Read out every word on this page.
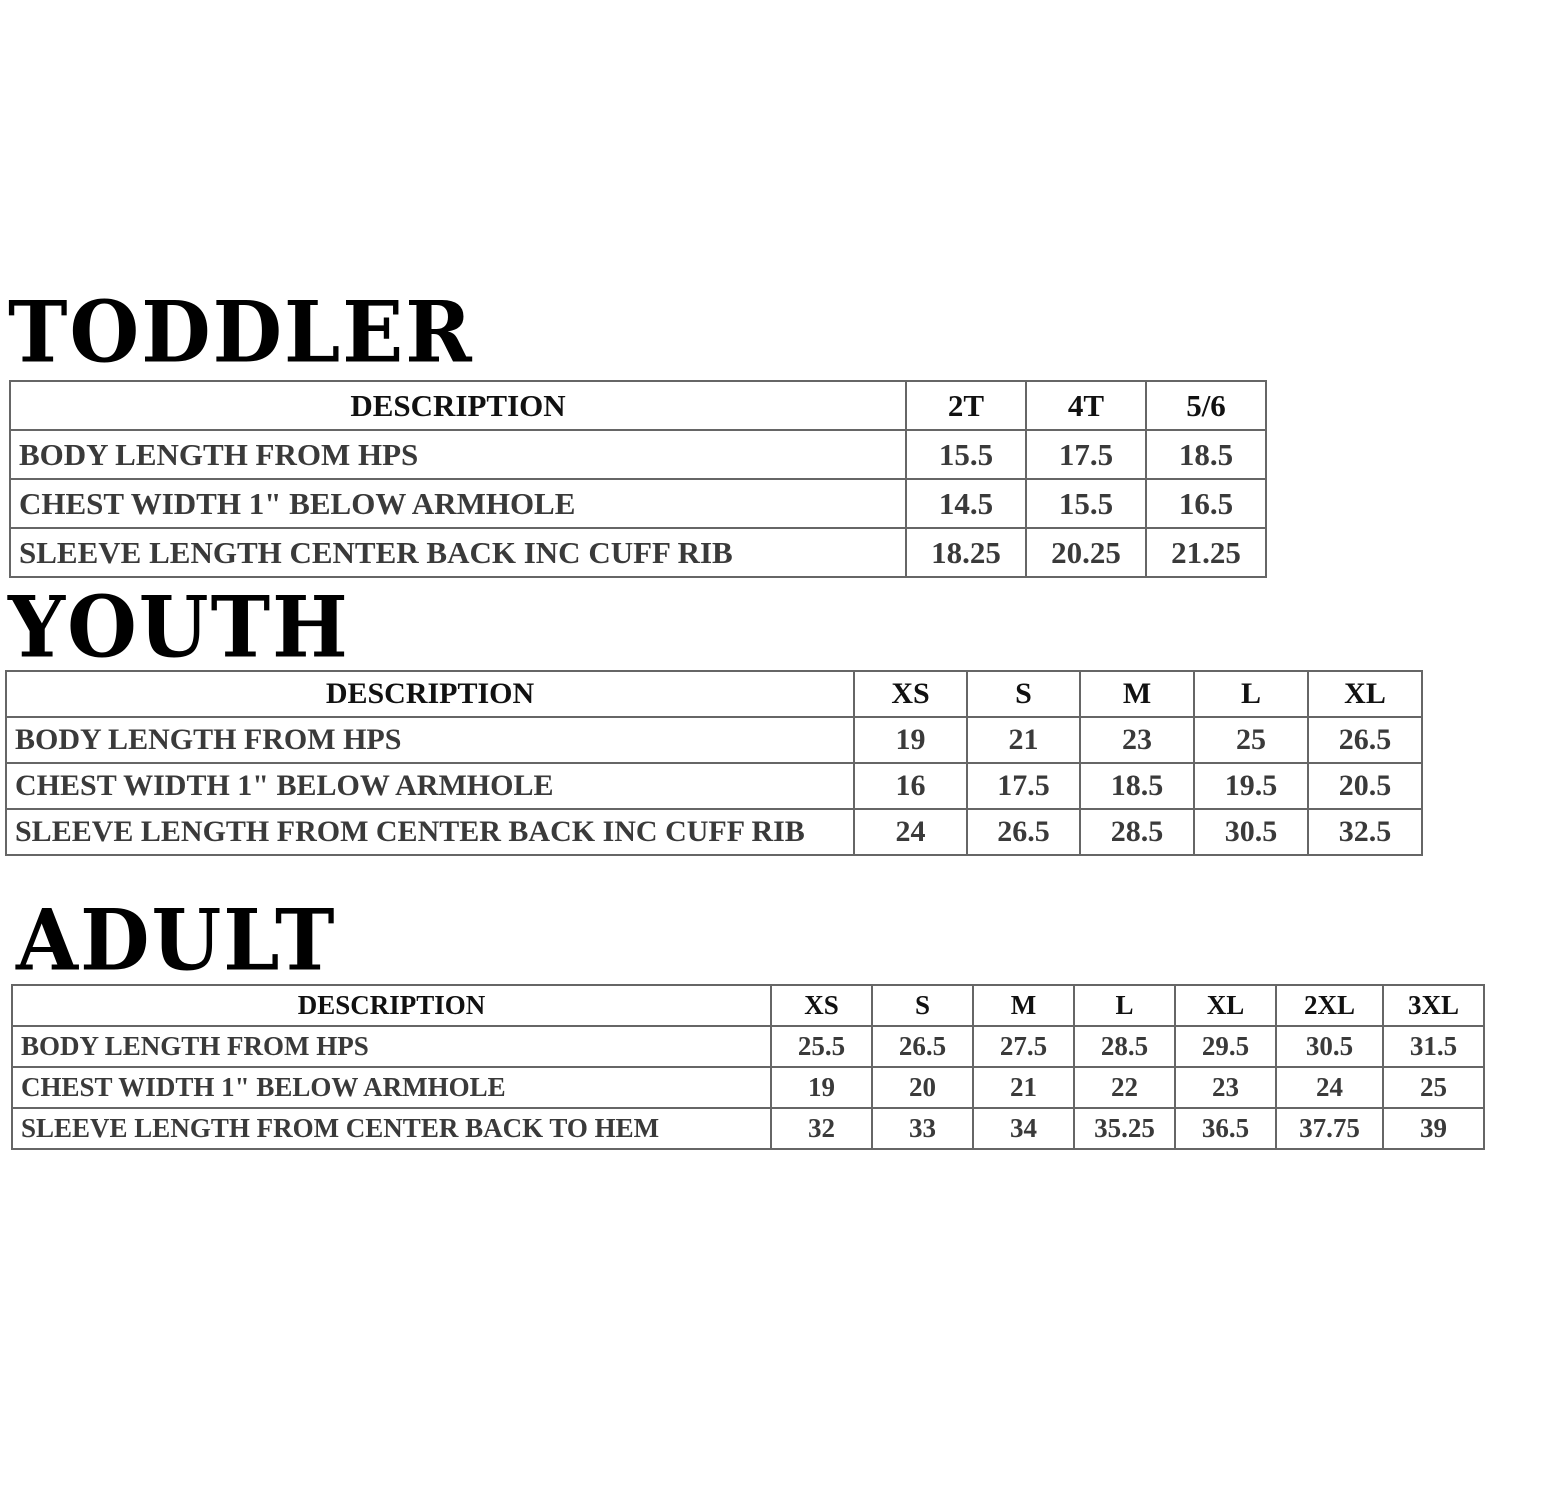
TODDLER
DESCRIPTION	2T	4T	5/6
BODY LENGTH FROM HPS	15.5	17.5	18.5
CHEST WIDTH 1" BELOW ARMHOLE	14.5	15.5	16.5
SLEEVE LENGTH CENTER BACK INC CUFF RIB	18.25	20.25	21.25
YOUTH
DESCRIPTION	XS	S	M	L	XL
BODY LENGTH FROM HPS	19	21	23	25	26.5
CHEST WIDTH 1" BELOW ARMHOLE	16	17.5	18.5	19.5	20.5
SLEEVE LENGTH FROM CENTER BACK INC CUFF RIB	24	26.5	28.5	30.5	32.5
ADULT
DESCRIPTION	XS	S	M	L	XL	2XL	3XL
BODY LENGTH FROM HPS	25.5	26.5	27.5	28.5	29.5	30.5	31.5
CHEST WIDTH 1" BELOW ARMHOLE	19	20	21	22	23	24	25
SLEEVE LENGTH FROM CENTER BACK TO HEM	32	33	34	35.25	36.5	37.75	39
